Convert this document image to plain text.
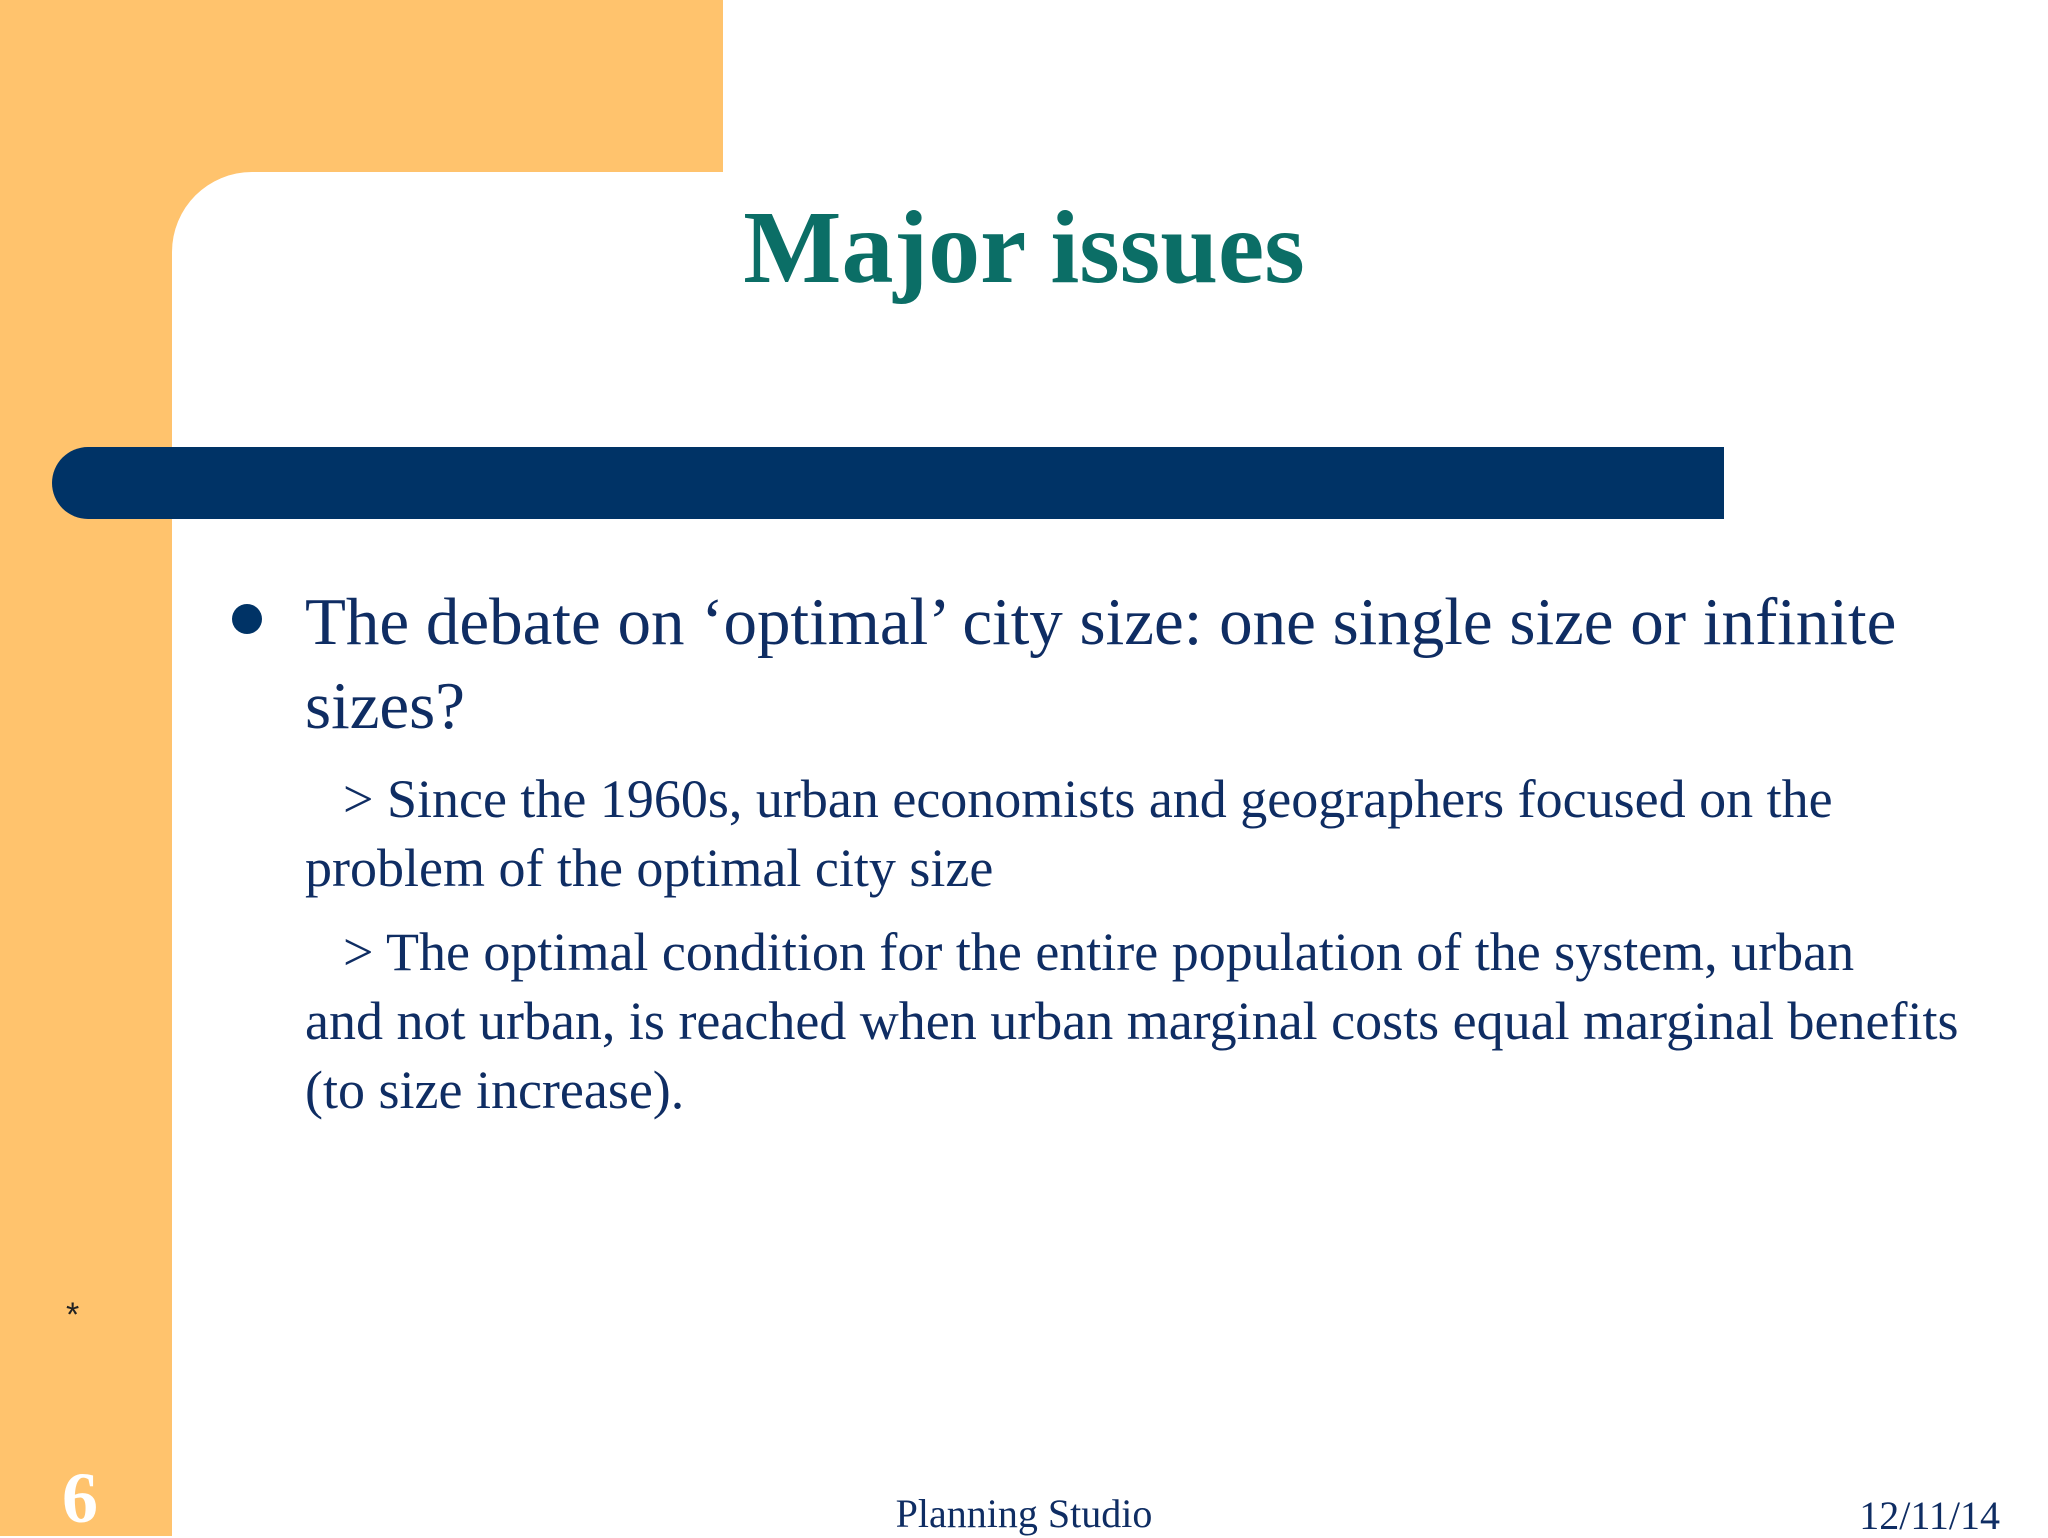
Major issues
The debate on ‘optimal’ city size: one single size or infinite sizes?
> Since the 1960s, urban economists and geographers focused on the
problem of the optimal city size
> The optimal condition for the entire population of the system, urban
and not urban, is reached when urban marginal costs equal marginal benefits (to size increase).
*
6	Planning Studio	12/11/14
